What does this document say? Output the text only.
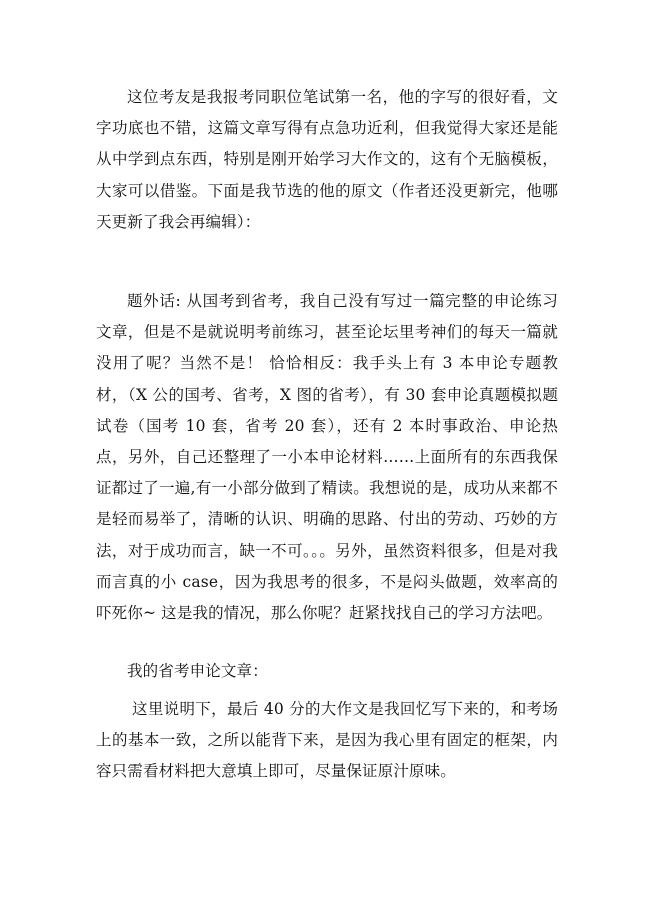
这位考友是我报考同职位笔试第一名，他的字写的很好看，文字功底也不错，这篇文章写得有点急功近利，但我觉得大家还是能从中学到点东西，特别是刚开始学习大作文的，这有个无脑模板，大家可以借鉴。下面是我节选的他的原文（作者还没更新完，他哪天更新了我会再编辑）：

题外话: 从国考到省考，我自己没有写过一篇完整的申论练习文章，但是不是就说明考前练习，甚至论坛里考神们的每天一篇就没用了呢？当然不是！ 恰恰相反：我手头上有 3 本申论专题教材，（X 公的国考、省考，X 图的省考），有 30 套申论真题模拟题试卷（国考 10 套，省考 20 套），还有 2 本时事政治、申论热点，另外，自己还整理了一小本申论材料……上面所有的东西我保证都过了一遍,有一小部分做到了精读。我想说的是，成功从来都不是轻而易举了，清晰的认识、明确的思路、付出的劳动、巧妙的方法，对于成功而言，缺一不可。。。另外，虽然资料很多，但是对我而言真的小 case，因为我思考的很多，不是闷头做题，效率高的吓死你~ 这是我的情况，那么你呢？赶紧找找自己的学习方法吧。

我的省考申论文章：

这里说明下，最后 40 分的大作文是我回忆写下来的，和考场上的基本一致，之所以能背下来，是因为我心里有固定的框架，内容只需看材料把大意填上即可，尽量保证原汁原味。
